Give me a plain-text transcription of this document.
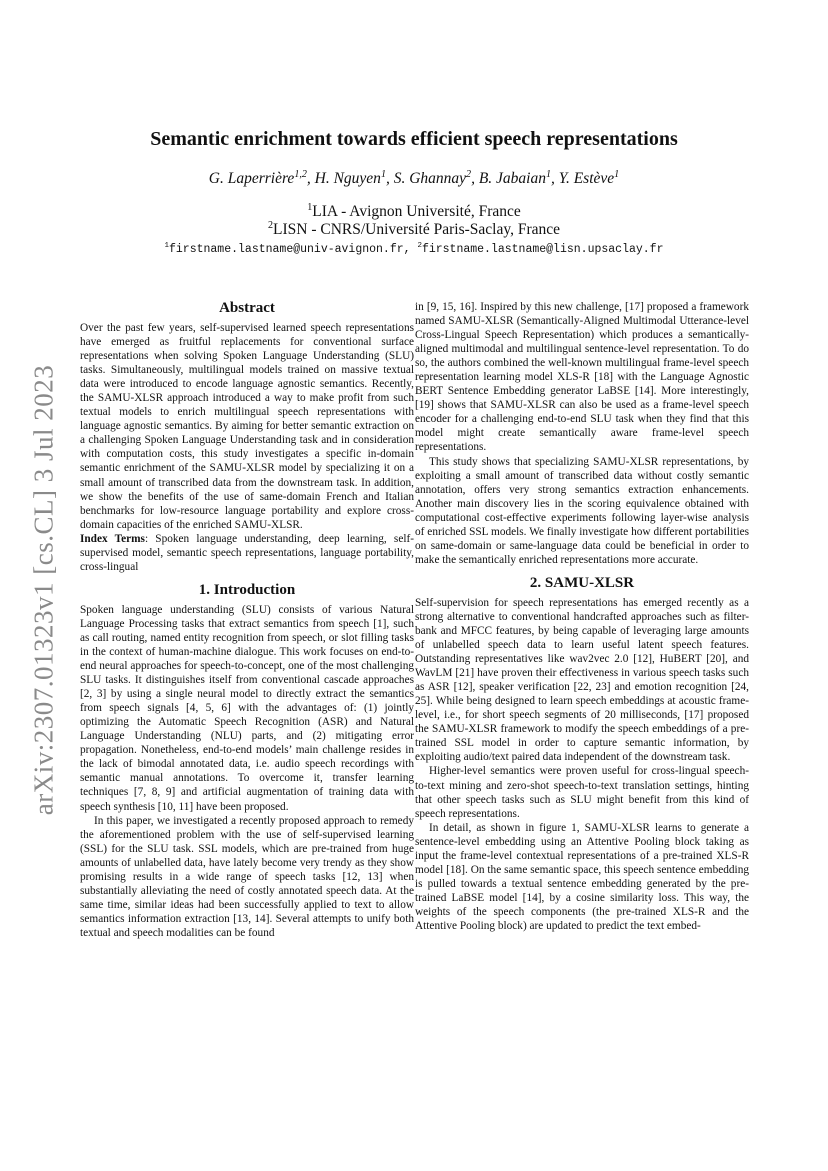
arXiv:2307.01323v1 [cs.CL] 3 Jul 2023
Semantic enrichment towards efficient speech representations
G. Laperrière$^{1,2}$, H. Nguyen$^1$, S. Ghannay$^2$, B. Jabaian$^1$, Y. Estève$^1$
$^1$LIA - Avignon Université, France
$^2$LISN - CNRS/Université Paris-Saclay, France
$^1$firstname.lastname@univ-avignon.fr, $^2$firstname.lastname@lisn.upsaclay.fr
Abstract

Over the past few years, self-supervised learned speech representations have emerged as fruitful replacements for conventional surface representations when solving Spoken Language Understanding (SLU) tasks. Simultaneously, multilingual models trained on massive textual data were introduced to encode language agnostic semantics. Recently, the SAMU-XLSR approach introduced a way to make profit from such textual models to enrich multilingual speech representations with language agnostic semantics. By aiming for better semantic extraction on a challenging Spoken Language Understanding task and in consideration with computation costs, this study investigates a specific in-domain semantic enrichment of the SAMU-XLSR model by specializing it on a small amount of transcribed data from the downstream task. In addition, we show the benefits of the use of same-domain French and Italian benchmarks for low-resource language portability and explore cross-domain capacities of the enriched SAMU-XLSR.

Index Terms: Spoken language understanding, deep learning, self-supervised model, semantic speech representations, language portability, cross-lingual

1. Introduction

Spoken language understanding (SLU) consists of various Natural Language Processing tasks that extract semantics from speech [1], such as call routing, named entity recognition from speech, or slot filling tasks in the context of human-machine dialogue. This work focuses on end-to-end neural approaches for speech-to-concept, one of the most challenging SLU tasks. It distinguishes itself from conventional cascade approaches [2, 3] by using a single neural model to directly extract the semantics from speech signals [4, 5, 6] with the advantages of: (1) jointly optimizing the Automatic Speech Recognition (ASR) and Natural Language Understanding (NLU) parts, and (2) mitigating error propagation. Nonetheless, end-to-end models’ main challenge resides in the lack of bimodal annotated data, i.e. audio speech recordings with semantic manual annotations. To overcome it, transfer learning techniques [7, 8, 9] and artificial augmentation of training data with speech synthesis [10, 11] have been proposed.

In this paper, we investigated a recently proposed approach to remedy the aforementioned problem with the use of self-supervised learning (SSL) for the SLU task. SSL models, which are pre-trained from huge amounts of unlabelled data, have lately become very trendy as they show promising results in a wide range of speech tasks [12, 13] when substantially alleviating the need of costly annotated speech data. At the same time, similar ideas had been successfully applied to text to allow semantics information extraction [13, 14]. Several attempts to unify both textual and speech modalities can be found

in [9, 15, 16]. Inspired by this new challenge, [17] proposed a framework named SAMU-XLSR (Semantically-Aligned Multimodal Utterance-level Cross-Lingual Speech Representation) which produces a semantically-aligned multimodal and multilingual sentence-level representation. To do so, the authors combined the well-known multilingual frame-level speech representation learning model XLS-R [18] with the Language Agnostic BERT Sentence Embedding generator LaBSE [14]. More interestingly, [19] shows that SAMU-XLSR can also be used as a frame-level speech encoder for a challenging end-to-end SLU task when they find that this model might create semantically aware frame-level speech representations.

This study shows that specializing SAMU-XLSR representations, by exploiting a small amount of transcribed data without costly semantic annotation, offers very strong semantics extraction enhancements. Another main discovery lies in the scoring equivalence obtained with computational cost-effective experiments following layer-wise analysis of enriched SSL models. We finally investigate how different portabilities on same-domain or same-language data could be beneficial in order to make the semantically enriched representations more accurate.

2. SAMU-XLSR

Self-supervision for speech representations has emerged recently as a strong alternative to conventional handcrafted approaches such as filter-bank and MFCC features, by being capable of leveraging large amounts of unlabelled speech data to learn useful latent speech features. Outstanding representatives like wav2vec 2.0 [12], HuBERT [20], and WavLM [21] have proven their effectiveness in various speech tasks such as ASR [12], speaker verification [22, 23] and emotion recognition [24, 25]. While being designed to learn speech embeddings at acoustic frame-level, i.e., for short speech segments of 20 milliseconds, [17] proposed the SAMU-XLSR framework to modify the speech embeddings of a pre-trained SSL model in order to capture semantic information, by exploiting audio/text paired data independent of the downstream task.

Higher-level semantics were proven useful for cross-lingual speech-to-text mining and zero-shot speech-to-text translation settings, hinting that other speech tasks such as SLU might benefit from this kind of speech representations.

In detail, as shown in figure 1, SAMU-XLSR learns to generate a sentence-level embedding using an Attentive Pooling block taking as input the frame-level contextual representations of a pre-trained XLS-R model [18]. On the same semantic space, this speech sentence embedding is pulled towards a textual sentence embedding generated by the pre-trained LaBSE model [14], by a cosine similarity loss. This way, the weights of the speech components (the pre-trained XLS-R and the Attentive Pooling block) are updated to predict the text embed-
